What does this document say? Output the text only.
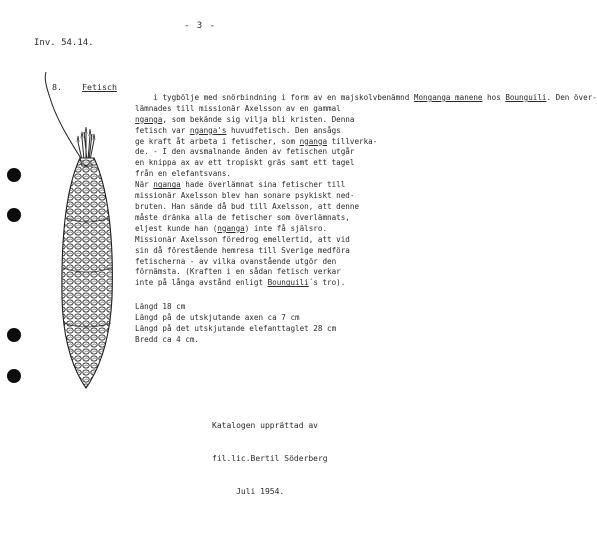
- 3 -
Inv. 54.14.
8. Fetisch

i tygbölje med snörbindning i form av en majskolvbenämnd Monganga manene hos Bounguili. Den över-
lämnades till missionär Axelsson av en gammal
nganga, som bekände sig vilja bli kristen. Denna
fetisch var nganga's huvudfetisch. Den ansågs
ge kraft åt arbeta i fetischer, som nganga tillverka-
de. - I den avsmalnande änden av fetischen utgår
en knippa ax av ett tropiskt gräs samt ett tagel
från en elefantsvans.
När nganga hade överlämnat sina fetischer till
missionär Axelsson blev han sonare psykiskt ned-
bruten. Han sände då bud till Axelsson, att denne
måste dränka alla de fetischer som överlämnats,
eljest kunde han (nganga) inte få själsro.
Missionär Axelsson föredrog emellertid, att vid
sin då förestående hemresa till Sverige medföra
fetischerna - av vilka ovanstående utgör den
förnämsta. (Kraften i en sådan fetisch verkar
inte på långa avstånd enligt Bounguili´s tro).

Längd 18 cm
Längd på de utskjutande axen ca 7 cm
Längd på det utskjutande elefanttaglet 28 cm
Bredd ca 4 cm.

Katalogen upprättad av

fil.lic.Bertil Söderberg

Juli 1954.
